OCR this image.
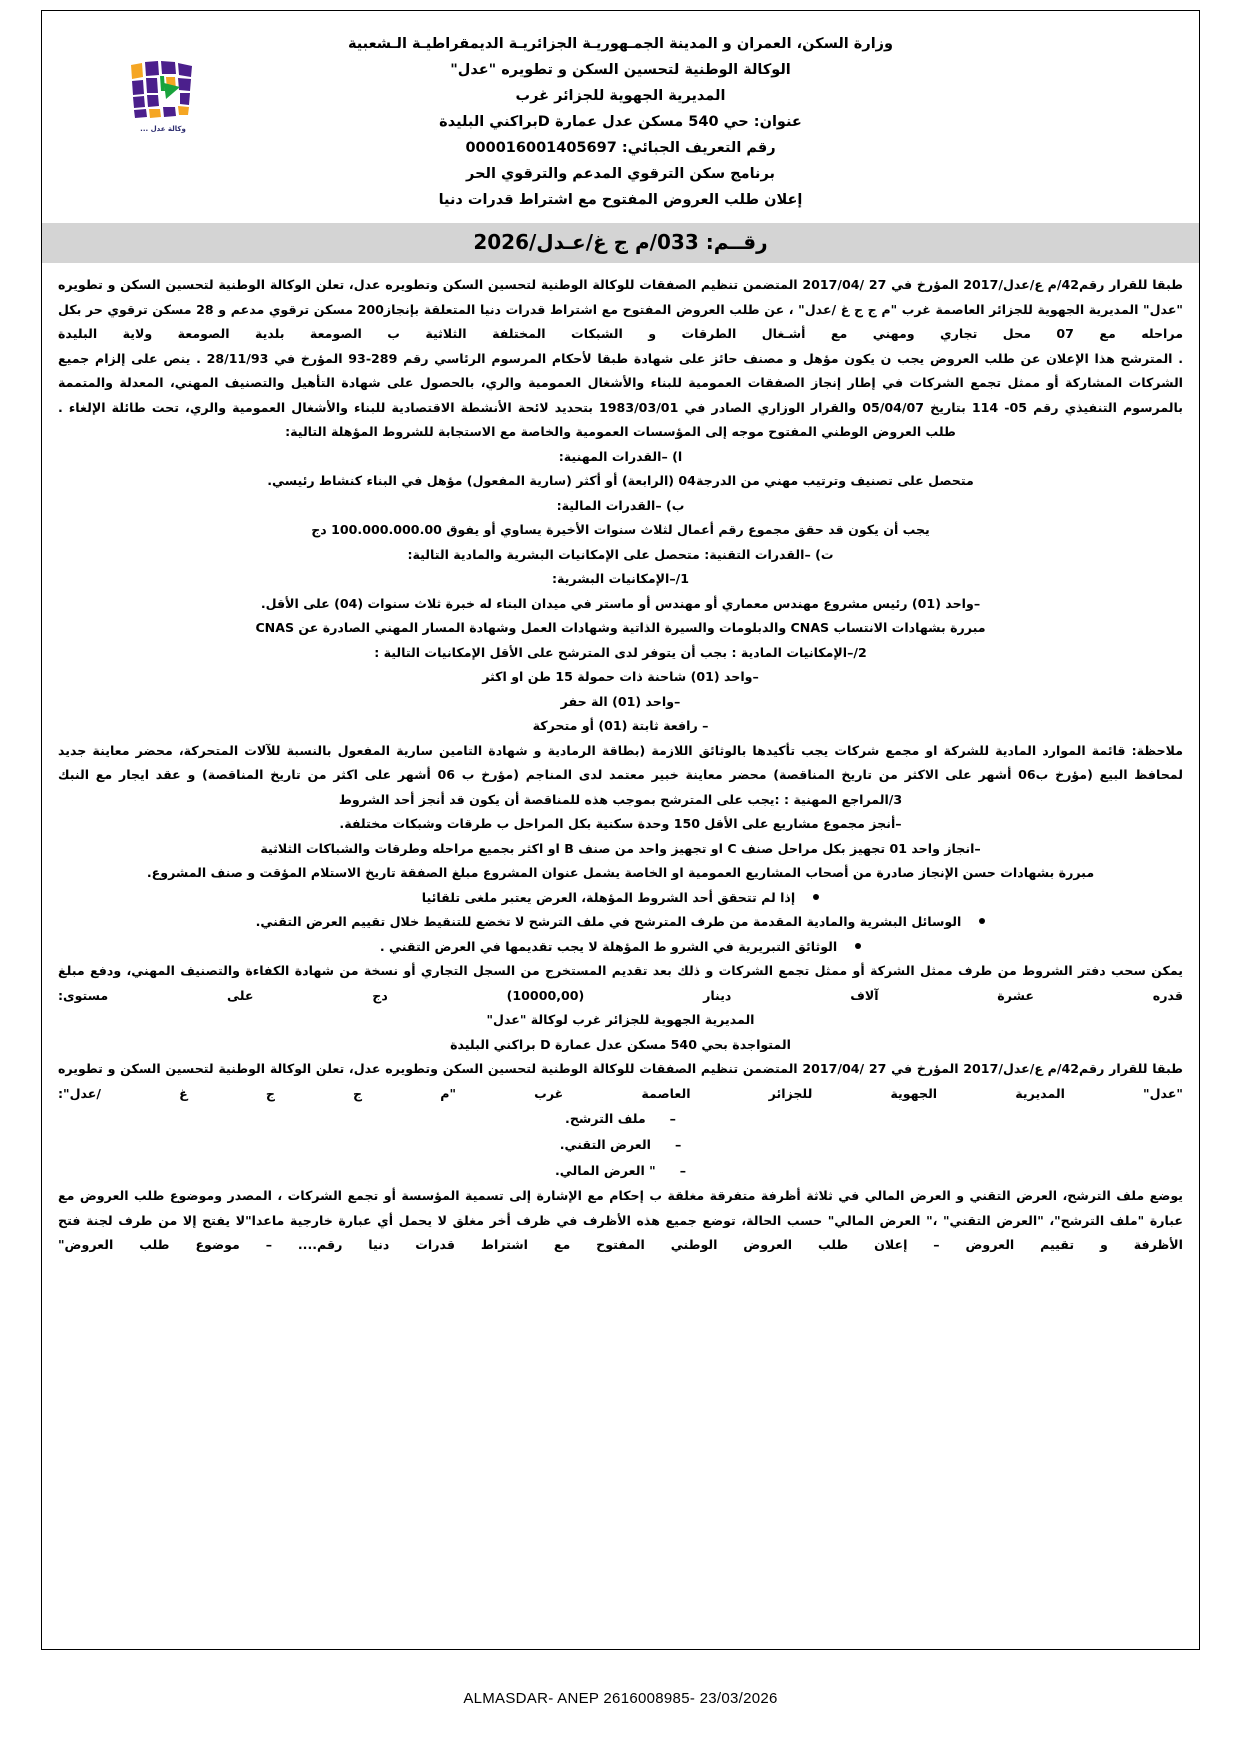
وكالة عدل ...
وزارة السكن، العمران و المدينة الجمـهوريـة الجزائريـة الديمقراطيـة الـشعبية
الوكالة الوطنية لتحسين السكن و تطويره "عدل"
المديرية الجهوية للجزائر غرب
عنوان: حي 540 مسكن عدل عمارة Dبراكني البليدة
رقم التعريف الجبائي: 000016001405697
برنامج سكن الترقوي المدعم والترقوي الحر
إعلان طلب العروض المفتوح مع اشتراط قدرات دنيا
رقــم: 033/م ج غ/عـدل/2026

طبقا للقرار رقم42/م ع/عدل/2017 المؤرخ في 27 /2017/04 المتضمن تنظيم الصفقات للوكالة الوطنية لتحسين السكن وتطويره عدل، تعلن الوكالة الوطنية لتحسين السكن و تطويره "عدل" المديرية الجهوية للجزائر العاصمة غرب "م ج ج غ /عدل" ، عن طلب العروض المفتوح مع اشتراط قدرات دنيا المتعلقة بإنجاز200 مسكن ترقوي مدعم و 28 مسكن ترقوي حر بكل مراحله مع 07 محل تجاري ومهني مع أشـغال الطرقات و الشبكات المختلفة الثلاثية ب الصومعة بلدية الصومعة ولاية البليدة

. المترشح هذا الإعلان عن طلب العروض يجب ن يكون مؤهل و مصنف حائز على شهادة طبقا لأحكام المرسوم الرئاسي رقم 289-93 المؤرخ في 28/11/93 . ينص على إلزام جميع الشركات المشاركة أو ممثل تجمع الشركات في إطار إنجاز الصفقات العمومية للبناء والأشغال العمومية والري، بالحصول على شهادة التأهيل والتصنيف المهني، المعدلة والمتممة بالمرسوم التنفيذي رقم 05- 114 بتاريخ 05/04/07 والقرار الوزاري الصادر في 1983/03/01 بتحديد لائحة الأنشطة الاقتصادية للبناء والأشغال العمومية والري، تحت طائلة الإلغاء .

طلب العروض الوطني المفتوح موجه إلى المؤسسات العمومية والخاصة مع الاستجابة للشروط المؤهلة التالية:

ا) –القدرات المهنية:

متحصل على تصنيف وترتيب مهني من الدرجة04 (الرابعة) أو أكثر (سارية المفعول) مؤهل في البناء كنشاط رئيسي.

ب) –القدرات المالية:

يجب أن يكون قد حقق مجموع رقم أعمال لثلاث سنوات الأخيرة يساوي أو يفوق 100.000.000.00 دج

ت) –القدرات التقنية: متحصل على الإمكانيات البشرية والمادية التالية:

1/–الإمكانيات البشرية:

–واحد (01) رئيس مشروع مهندس معماري أو مهندس أو ماستر في ميدان البناء له خبرة ثلاث سنوات (04) على الأقل.

مبررة بشهادات الانتساب CNAS والدبلومات والسيرة الذاتية وشهادات العمل وشهادة المسار المهني الصادرة عن CNAS

2/–الإمكانيات المادية : بجب أن يتوفر لدى المترشح على الأقل الإمكانيات التالية :

–واحد (01) شاحنة ذات حمولة 15 طن او اكثر

–واحد (01) الة حفر

– رافعة ثابتة (01) أو متحركة

ملاحظة: قائمة الموارد المادية للشركة او مجمع شركات يجب تأكيدها بالوثائق اللازمة (بطاقة الرمادية و شهادة التامين سارية المفعول بالنسبة للآلات المتحركة، محضر معاينة جديد لمحافظ البيع (مؤرخ ب06 أشهر على الاكثر من تاريخ المناقصة) محضر معاينة خبير معتمد لدى المناجم (مؤرخ ب 06 أشهر على اكثر من تاريخ المناقصة) و عقد ايجار مع النبك

3/المراجع المهنية : :يجب على المترشح بموجب هذه للمناقصة أن يكون قد أنجز أحد الشروط

–أنجز مجموع مشاريع على الأقل 150 وحدة سكنية بكل المراحل ب طرقات وشبكات مختلفة.

–انجاز واحد 01 تجهيز بكل مراحل صنف C او تجهيز واحد من صنف B او اكثر بجميع مراحله وطرقات والشباكات الثلاثية

مبررة بشهادات حسن الإنجاز صادرة من أصحاب المشاريع العمومية او الخاصة يشمل عنوان المشروع مبلغ الصفقة تاريخ الاستلام المؤقت و صنف المشروع.

إذا لم تتحقق أحد الشروط المؤهلة، العرض يعتبر ملغى تلقائيا
الوسائل البشرية والمادية المقدمة من طرف المترشح في ملف الترشح لا تخضع للتنقيط خلال تقييم العرض التقني.
الوثائق التبريرية في الشرو ط المؤهلة لا يجب تقديمها في العرض التقني .

يمكن سحب دفتر الشروط من طرف ممثل الشركة أو ممثل تجمع الشركات و ذلك بعد تقديم المستخرج من السجل التجاري أو نسخة من شهادة الكفاءة والتصنيف المهني، ودفع مبلغ قدره عشرة آلاف دينار (10000,00) دج على مستوى:

المديرية الجهوية للجزائر غرب لوكالة "عدل"

المتواجدة بحي 540 مسكن عدل عمارة D براكني البليدة

طبقا للقرار رقم42/م ع/عدل/2017 المؤرخ في 27 /2017/04 المتضمن تنظيم الصفقات للوكالة الوطنية لتحسين السكن وتطويره عدل، تعلن الوكالة الوطنية لتحسين السكن و تطويره "عدل" المديرية الجهوية للجزائر العاصمة غرب "م ج ج غ /عدل":

–ملف الترشح.
–العرض التقني.
–" العرض المالي.

يوضع ملف الترشح، العرض التقني و العرض المالي في ثلاثة أظرفة متفرقة مغلقة ب إحكام مع الإشارة إلى تسمية المؤسسة أو تجمع الشركات ، المصدر وموضوع طلب العروض مع عبارة "ملف الترشح"، "العرض التقني" ،" العرض المالي" حسب الحالة، توضع جميع هذه الأظرف في ظرف أخر مغلق لا يحمل أي عبارة خارجية ماعدا"لا يفتح إلا من طرف لجنة فتح الأظرفة و تقييم العروض – إعلان طلب العروض الوطني المفتوح مع اشتراط قدرات دنيا رقم.... – موضوع طلب العروض"

ALMASDAR- ANEP 2616008985- 23/03/2026
